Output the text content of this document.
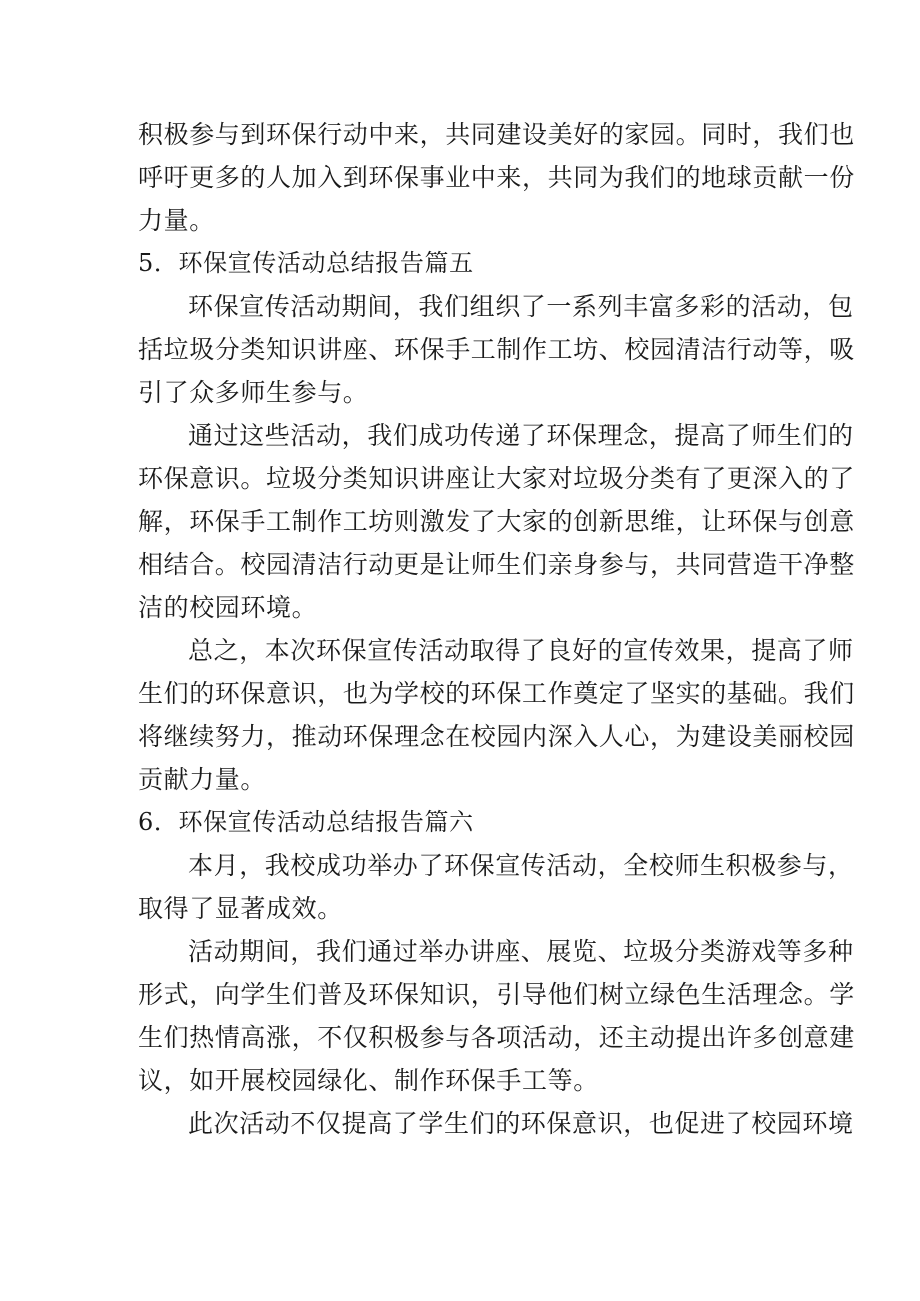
积极参与到环保行动中来，共同建设美好的家园。同时，我们也
呼吁更多的人加入到环保事业中来，共同为我们的地球贡献一份
力量。
5．环保宣传活动总结报告篇五
环保宣传活动期间，我们组织了一系列丰富多彩的活动，包
括垃圾分类知识讲座、环保手工制作工坊、校园清洁行动等，吸
引了众多师生参与。
通过这些活动，我们成功传递了环保理念，提高了师生们的
环保意识。垃圾分类知识讲座让大家对垃圾分类有了更深入的了
解，环保手工制作工坊则激发了大家的创新思维，让环保与创意
相结合。校园清洁行动更是让师生们亲身参与，共同营造干净整
洁的校园环境。
总之，本次环保宣传活动取得了良好的宣传效果，提高了师
生们的环保意识，也为学校的环保工作奠定了坚实的基础。我们
将继续努力，推动环保理念在校园内深入人心，为建设美丽校园
贡献力量。
6．环保宣传活动总结报告篇六
本月，我校成功举办了环保宣传活动，全校师生积极参与，
取得了显著成效。
活动期间，我们通过举办讲座、展览、垃圾分类游戏等多种
形式，向学生们普及环保知识，引导他们树立绿色生活理念。学
生们热情高涨，不仅积极参与各项活动，还主动提出许多创意建
议，如开展校园绿化、制作环保手工等。
此次活动不仅提高了学生们的环保意识，也促进了校园环境
